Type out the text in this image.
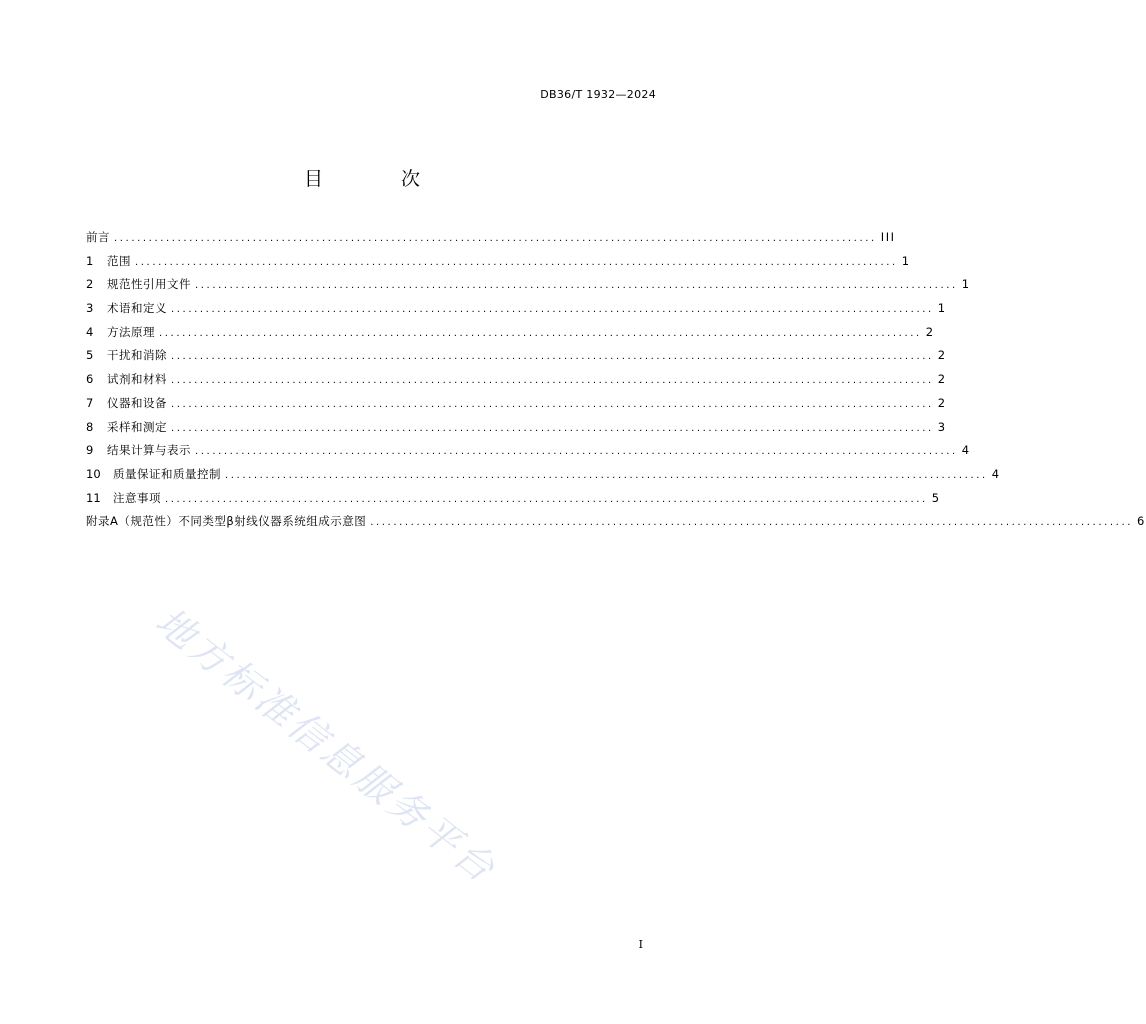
DB36/T 1932—2024
目 次
前言 .................................................................................................................................... III
1	范围 .................................................................................................................................... 1
2	规范性引用文件 .................................................................................................................................... 1
3	术语和定义 .................................................................................................................................... 1
4	方法原理 .................................................................................................................................... 2
5	干扰和消除 .................................................................................................................................... 2
6	试剂和材料 .................................................................................................................................... 2
7	仪器和设备 .................................................................................................................................... 2
8	采样和测定 .................................................................................................................................... 3
9	结果计算与表示 .................................................................................................................................... 4
10	质量保证和质量控制 .................................................................................................................................... 4
11	注意事项 .................................................................................................................................... 5
附录A（规范性）不同类型β射线仪器系统组成示意图 .................................................................................................................................... 6
地方标准信息服务平台
I
